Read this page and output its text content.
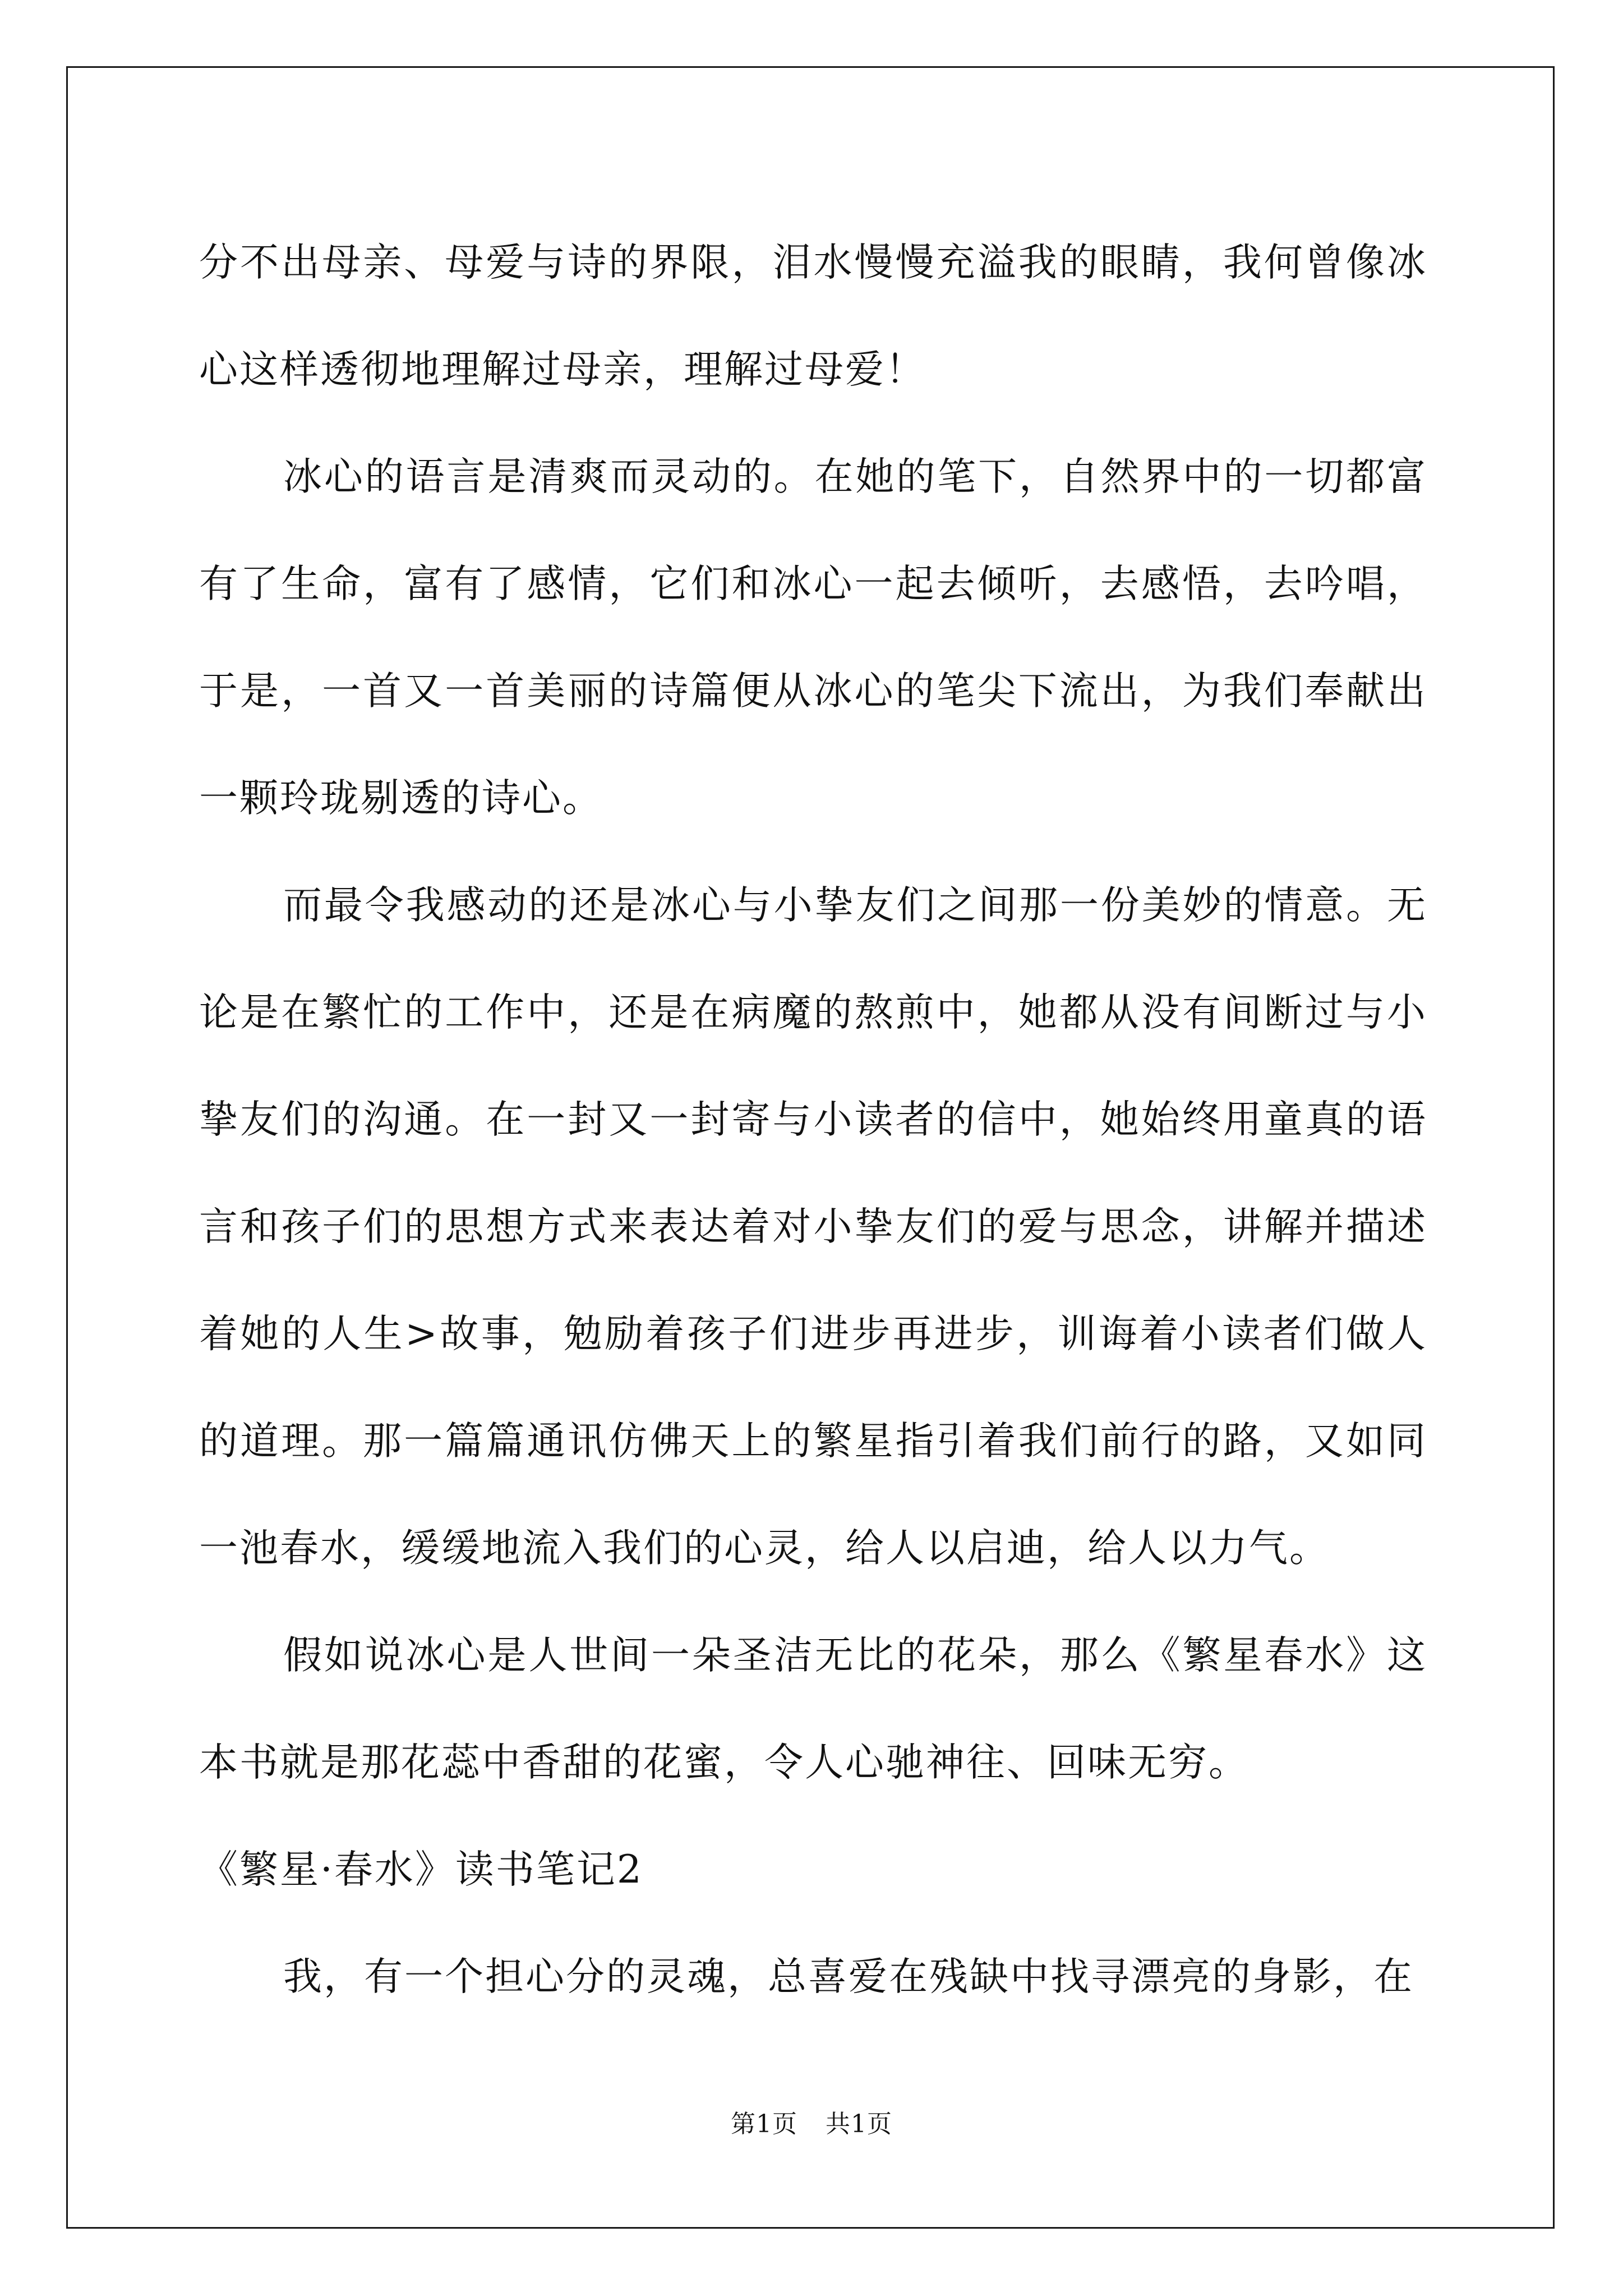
分不出母亲、母爱与诗的界限，泪水慢慢充溢我的眼睛，我何曾像冰心这样透彻地理解过母亲，理解过母爱！

冰心的语言是清爽而灵动的。在她的笔下，自然界中的一切都富有了生命，富有了感情，它们和冰心一起去倾听，去感悟，去吟唱，于是，一首又一首美丽的诗篇便从冰心的笔尖下流出，为我们奉献出一颗玲珑剔透的诗心。

而最令我感动的还是冰心与小挚友们之间那一份美妙的情意。无论是在繁忙的工作中，还是在病魔的熬煎中，她都从没有间断过与小挚友们的沟通。在一封又一封寄与小读者的信中，她始终用童真的语言和孩子们的思想方式来表达着对小挚友们的爱与思念，讲解并描述着她的人生>故事，勉励着孩子们进步再进步，训诲着小读者们做人的道理。那一篇篇通讯仿佛天上的繁星指引着我们前行的路，又如同一池春水，缓缓地流入我们的心灵，给人以启迪，给人以力气。

假如说冰心是人世间一朵圣洁无比的花朵，那么《繁星春水》这本书就是那花蕊中香甜的花蜜，令人心驰神往、回味无穷。

《繁星·春水》读书笔记2

我，有一个担心分的灵魂，总喜爱在残缺中找寻漂亮的身影，在

第1页 共1页
